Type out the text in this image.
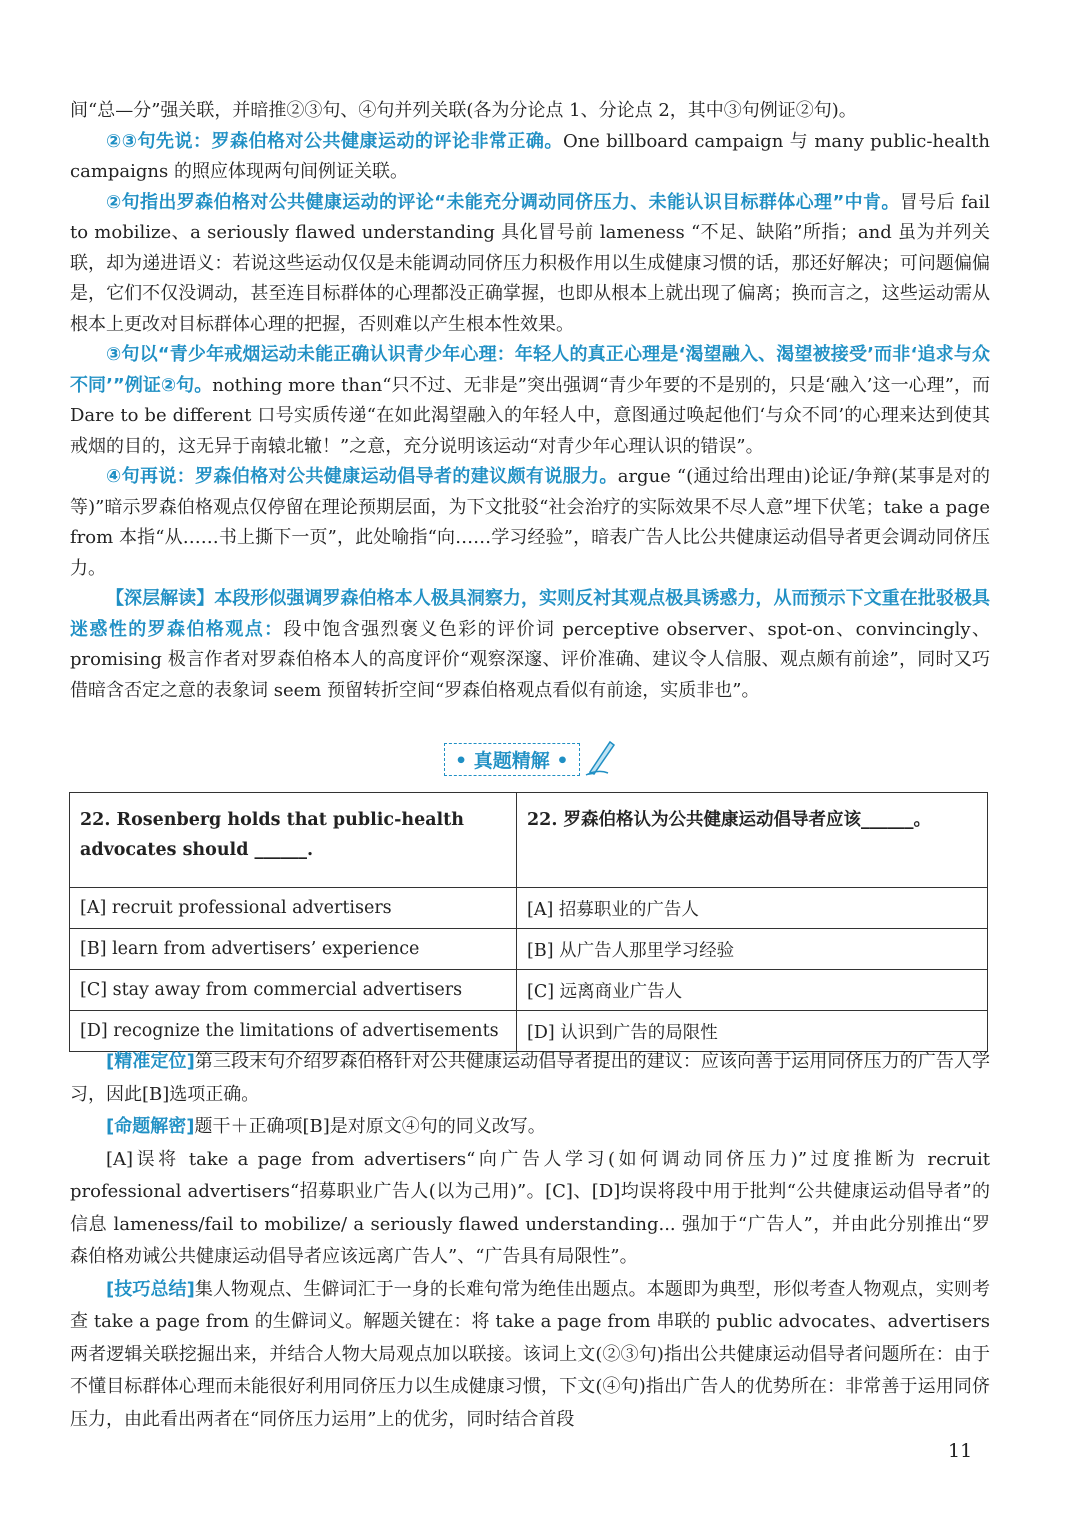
间“总—分”强关联，并暗推②③句、④句并列关联(各为分论点 1、分论点 2，其中③句例证②句)。

②③句先说：罗森伯格对公共健康运动的评论非常正确。One billboard campaign 与 many public-health campaigns 的照应体现两句间例证关联。

②句指出罗森伯格对公共健康运动的评论“未能充分调动同侪压力、未能认识目标群体心理”中肯。冒号后 fail to mobilize、a seriously flawed understanding 具化冒号前 lameness “不足、缺陷”所指；and 虽为并列关联，却为递进语义：若说这些运动仅仅是未能调动同侪压力积极作用以生成健康习惯的话，那还好解决；可问题偏偏是，它们不仅没调动，甚至连目标群体的心理都没正确掌握，也即从根本上就出现了偏离；换而言之，这些运动需从根本上更改对目标群体心理的把握，否则难以产生根本性效果。

③句以“青少年戒烟运动未能正确认识青少年心理：年轻人的真正心理是‘渴望融入、渴望被接受’而非‘追求与众不同’”例证②句。nothing more than“只不过、无非是”突出强调“青少年要的不是别的，只是‘融入’这一心理”，而 Dare to be different 口号实质传递“在如此渴望融入的年轻人中，意图通过唤起他们‘与众不同’的心理来达到使其戒烟的目的，这无异于南辕北辙！”之意，充分说明该运动“对青少年心理认识的错误”。

④句再说：罗森伯格对公共健康运动倡导者的建议颇有说服力。argue “(通过给出理由)论证/争辩(某事是对的等)”暗示罗森伯格观点仅停留在理论预期层面，为下文批驳“社会治疗的实际效果不尽人意”埋下伏笔；take a page from 本指“从……书上撕下一页”，此处喻指“向……学习经验”，暗表广告人比公共健康运动倡导者更会调动同侪压力。

【深层解读】本段形似强调罗森伯格本人极具洞察力，实则反衬其观点极具诱惑力，从而预示下文重在批驳极具迷惑性的罗森伯格观点：段中饱含强烈褒义色彩的评价词 perceptive observer、spot-on、convincingly、promising 极言作者对罗森伯格本人的高度评价“观察深邃、评价准确、建议令人信服、观点颇有前途”，同时又巧借暗含否定之意的表象词 seem 预留转折空间“罗森伯格观点看似有前途，实质非也”。

• 真题精解 •
22. Rosenberg holds that public-health advocates should ______.	22. 罗森伯格认为公共健康运动倡导者应该______。
[A] recruit professional advertisers	[A] 招募职业的广告人
[B] learn from advertisers’ experience	[B] 从广告人那里学习经验
[C] stay away from commercial advertisers	[C] 远离商业广告人
[D] recognize the limitations of advertisements	[D] 认识到广告的局限性

[精准定位]第三段末句介绍罗森伯格针对公共健康运动倡导者提出的建议：应该向善于运用同侪压力的广告人学习，因此[B]选项正确。

[命题解密]题干＋正确项[B]是对原文④句的同义改写。

[A]误将 take a page from advertisers“向广告人学习(如何调动同侪压力)”过度推断为 recruit professional advertisers“招募职业广告人(以为己用)”。[C]、[D]均误将段中用于批判“公共健康运动倡导者”的信息 lameness/fail to mobilize/ a seriously flawed understanding... 强加于“广告人”，并由此分别推出“罗森伯格劝诫公共健康运动倡导者应该远离广告人”、“广告具有局限性”。

[技巧总结]集人物观点、生僻词汇于一身的长难句常为绝佳出题点。本题即为典型，形似考查人物观点，实则考查 take a page from 的生僻词义。解题关键在：将 take a page from 串联的 public advocates、advertisers 两者逻辑关联挖掘出来，并结合人物大局观点加以联接。该词上文(②③句)指出公共健康运动倡导者问题所在：由于不懂目标群体心理而未能很好利用同侪压力以生成健康习惯，下文(④句)指出广告人的优势所在：非常善于运用同侪压力，由此看出两者在“同侪压力运用”上的优劣，同时结合首段

11
